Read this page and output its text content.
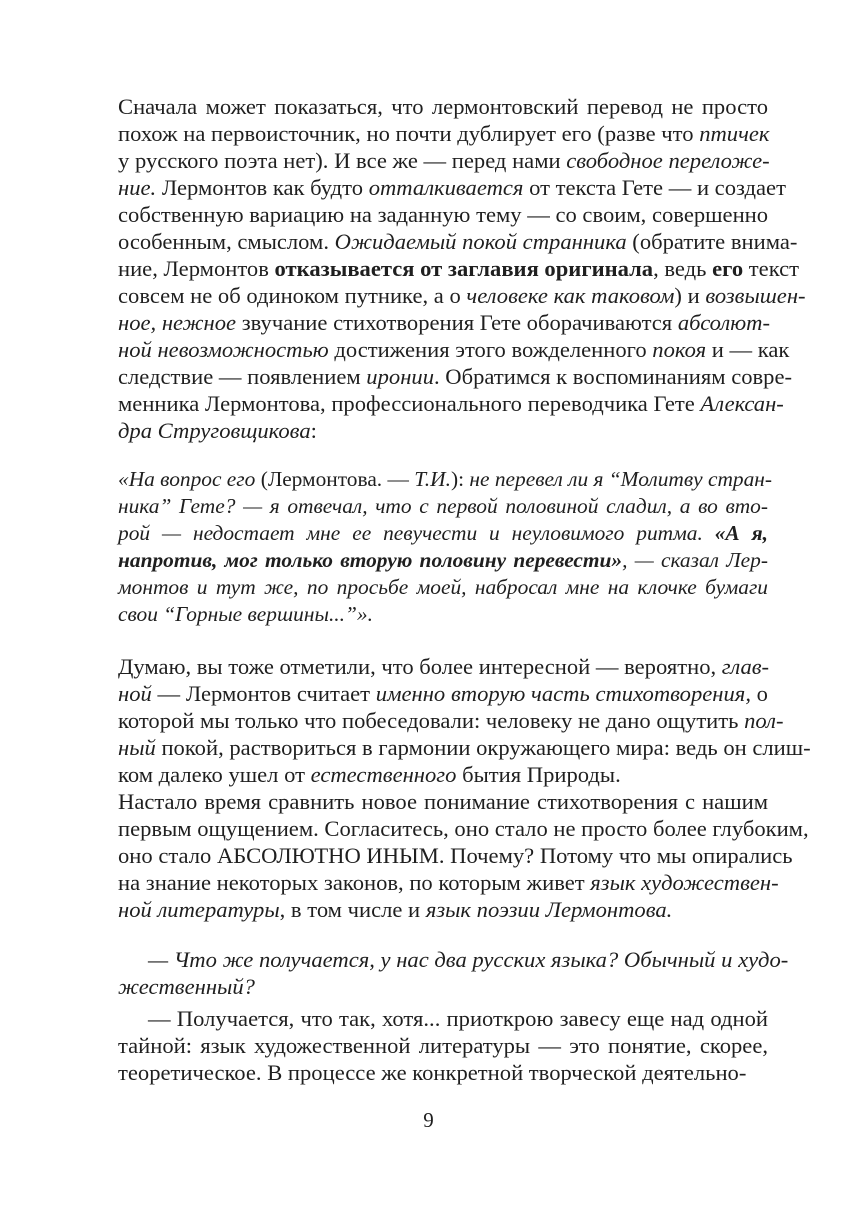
Сначала может показаться, что лермонтовский перевод не просто
похож на первоисточник, но почти дублирует его (разве что птичек
у русского поэта нет). И все же — перед нами свободное переложе-
ние. Лермонтов как будто отталкивается от текста Гете — и создает
собственную вариацию на заданную тему — со своим, совершенно
особенным, смыслом. Ожидаемый покой странника (обратите внима-
ние, Лермонтов отказывается от заглавия оригинала, ведь его текст
совсем не об одиноком путнике, а о человеке как таковом) и возвышен-
ное, нежное звучание стихотворения Гете оборачиваются абсолют-
ной невозможностью достижения этого вожделенного покоя и — как
следствие — появлением иронии. Обратимся к воспоминаниям совре-
менника Лермонтова, профессионального переводчика Гете Алексан-
дра Струговщикова:
«На вопрос его (Лермонтова. — Т.И.): не перевел ли я “Молитву стран-
ника” Гете? — я отвечал, что с первой половиной сладил, а во вто-
рой — недостает мне ее певучести и неуловимого ритма. «А я,
напротив, мог только вторую половину перевести», — сказал Лер-
монтов и тут же, по просьбе моей, набросал мне на клочке бумаги
свои “Горные вершины...”».
Думаю, вы тоже отметили, что более интересной — вероятно, глав-
ной — Лермонтов считает именно вторую часть стихотворения, о
которой мы только что побеседовали: человеку не дано ощутить пол-
ный покой, раствориться в гармонии окружающего мира: ведь он слиш-
ком далеко ушел от естественного бытия Природы.
Настало время сравнить новое понимание стихотворения с нашим
первым ощущением. Согласитесь, оно стало не просто более глубоким,
оно стало АБСОЛЮТНО ИНЫМ. Почему? Потому что мы опирались
на знание некоторых законов, по которым живет язык художествен-
ной литературы, в том числе и язык поэзии Лермонтова.
— Что же получается, у нас два русских языка? Обычный и худо-
жественный?
— Получается, что так, хотя... приоткрою завесу еще над одной
тайной: язык художественной литературы — это понятие, скорее,
теоретическое. В процессе же конкретной творческой деятельно-
9
